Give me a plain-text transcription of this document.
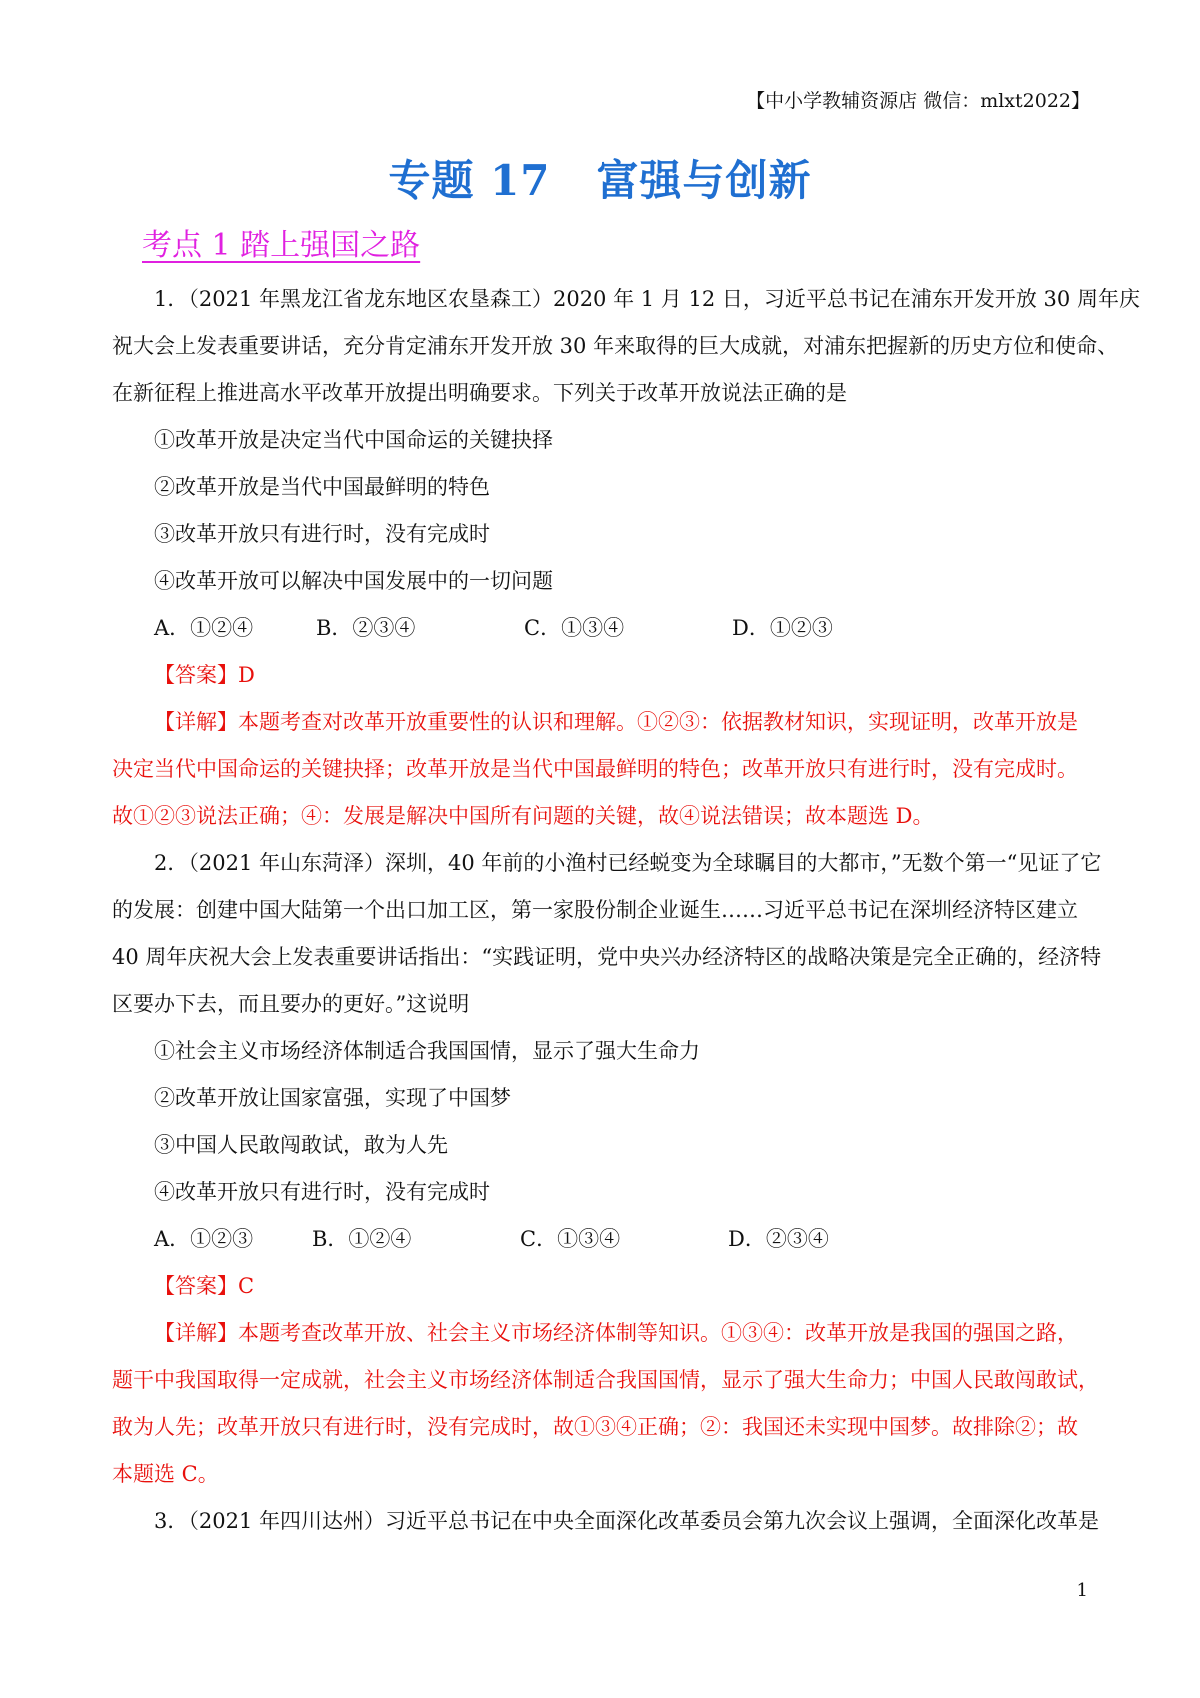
【中小学教辅资源店 微信：mlxt2022】
专题 17 富强与创新
考点 1 踏上强国之路

1．（2021 年黑龙江省龙东地区农垦森工）2020 年 1 月 12 日，习近平总书记在浦东开发开放 30 周年庆

祝大会上发表重要讲话，充分肯定浦东开发开放 30 年来取得的巨大成就，对浦东把握新的历史方位和使命、

在新征程上推进高水平改革开放提出明确要求。下列关于改革开放说法正确的是

①改革开放是决定当代中国命运的关键抉择

②改革开放是当代中国最鲜明的特色

③改革开放只有进行时，没有完成时

④改革开放可以解决中国发展中的一切问题

A．①②④	B．②③④	C．①③④	D．①②③

【答案】D

【详解】本题考查对改革开放重要性的认识和理解。①②③：依据教材知识，实现证明，改革开放是

决定当代中国命运的关键抉择；改革开放是当代中国最鲜明的特色；改革开放只有进行时，没有完成时。

故①②③说法正确；④：发展是解决中国所有问题的关键，故④说法错误；故本题选 D。

2．（2021 年山东菏泽）深圳，40 年前的小渔村已经蜕变为全球瞩目的大都市，”无数个第一“见证了它

的发展：创建中国大陆第一个出口加工区，第一家股份制企业诞生……习近平总书记在深圳经济特区建立

40 周年庆祝大会上发表重要讲话指出：“实践证明，党中央兴办经济特区的战略决策是完全正确的，经济特

区要办下去，而且要办的更好。”这说明

①社会主义市场经济体制适合我国国情，显示了强大生命力

②改革开放让国家富强，实现了中国梦

③中国人民敢闯敢试，敢为人先

④改革开放只有进行时，没有完成时

A．①②③	B．①②④	C．①③④	D．②③④

【答案】C

【详解】本题考查改革开放、社会主义市场经济体制等知识。①③④：改革开放是我国的强国之路，

题干中我国取得一定成就，社会主义市场经济体制适合我国国情，显示了强大生命力；中国人民敢闯敢试，

敢为人先；改革开放只有进行时，没有完成时，故①③④正确；②：我国还未实现中国梦。故排除②；故

本题选 C。

3．（2021 年四川达州）习近平总书记在中央全面深化改革委员会第九次会议上强调，全面深化改革是

1
